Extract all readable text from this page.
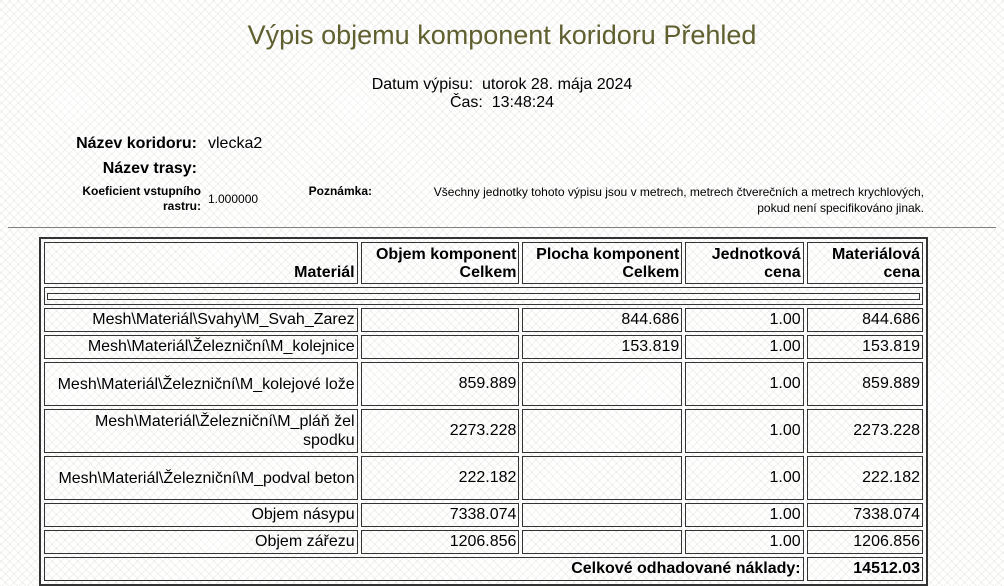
Výpis objemu komponent koridoru Přehled
Datum výpisu: utorok 28. mája 2024
Čas: 13:48:24
Název koridoru: vlecka2
Název trasy:
Koeficient vstupního rastru: 1.000000
Poznámka:	Všechny jednotky tohoto výpisu jsou v metrech, metrech čtverečních a metrech krychlových,
pokud není specifikováno jinak.
Materiál	Objem komponent Celkem	Plocha komponent Celkem	Jednotková cena	Materiálová cena

Mesh\Materiál\Svahy\M_Svah_Zarez		844.686	1.00	844.686
Mesh\Materiál\Železniční\M_kolejnice		153.819	1.00	153.819
Mesh\Materiál\Železniční\M_kolejové lože	859.889		1.00	859.889
Mesh\Materiál\Železniční\M_pláň žel spodku	2273.228		1.00	2273.228
Mesh\Materiál\Železniční\M_podval beton	222.182		1.00	222.182
Objem násypu	7338.074		1.00	7338.074
Objem zářezu	1206.856		1.00	1206.856
Celkové odhadované náklady:				14512.03
